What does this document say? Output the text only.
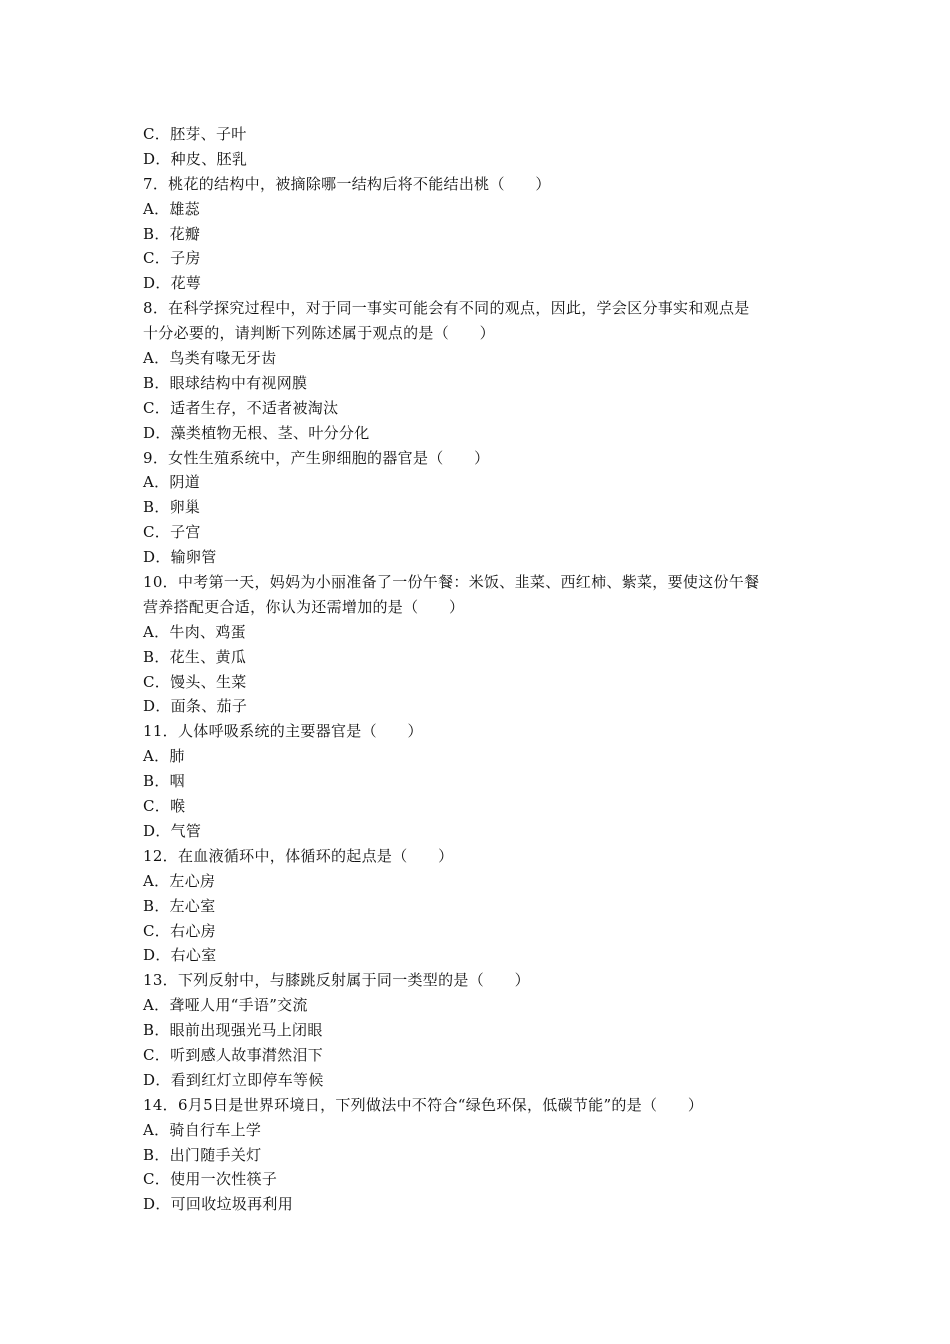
C．胚芽、子叶
D．种皮、胚乳
7．桃花的结构中，被摘除哪一结构后将不能结出桃（　　）
A．雄蕊
B．花瓣
C．子房
D．花萼
8．在科学探究过程中，对于同一事实可能会有不同的观点，因此，学会区分事实和观点是
十分必要的，请判断下列陈述属于观点的是（　　）
A．鸟类有喙无牙齿
B．眼球结构中有视网膜
C．适者生存，不适者被淘汰
D．藻类植物无根、茎、叶分分化
9．女性生殖系统中，产生卵细胞的器官是（　　）
A．阴道
B．卵巢
C．子宫
D．输卵管
10．中考第一天，妈妈为小丽准备了一份午餐：米饭、韭菜、西红柿、紫菜，要使这份午餐
营养搭配更合适，你认为还需增加的是（　　）
A．牛肉、鸡蛋
B．花生、黄瓜
C．馒头、生菜
D．面条、茄子
11．人体呼吸系统的主要器官是（　　）
A．肺
B．咽
C．喉
D．气管
12．在血液循环中，体循环的起点是（　　）
A．左心房
B．左心室
C．右心房
D．右心室
13．下列反射中，与膝跳反射属于同一类型的是（　　）
A．聋哑人用“手语”交流
B．眼前出现强光马上闭眼
C．听到感人故事潸然泪下
D．看到红灯立即停车等候
14．6月5日是世界环境日，下列做法中不符合“绿色环保，低碳节能”的是（　　）
A．骑自行车上学
B．出门随手关灯
C．使用一次性筷子
D．可回收垃圾再利用
